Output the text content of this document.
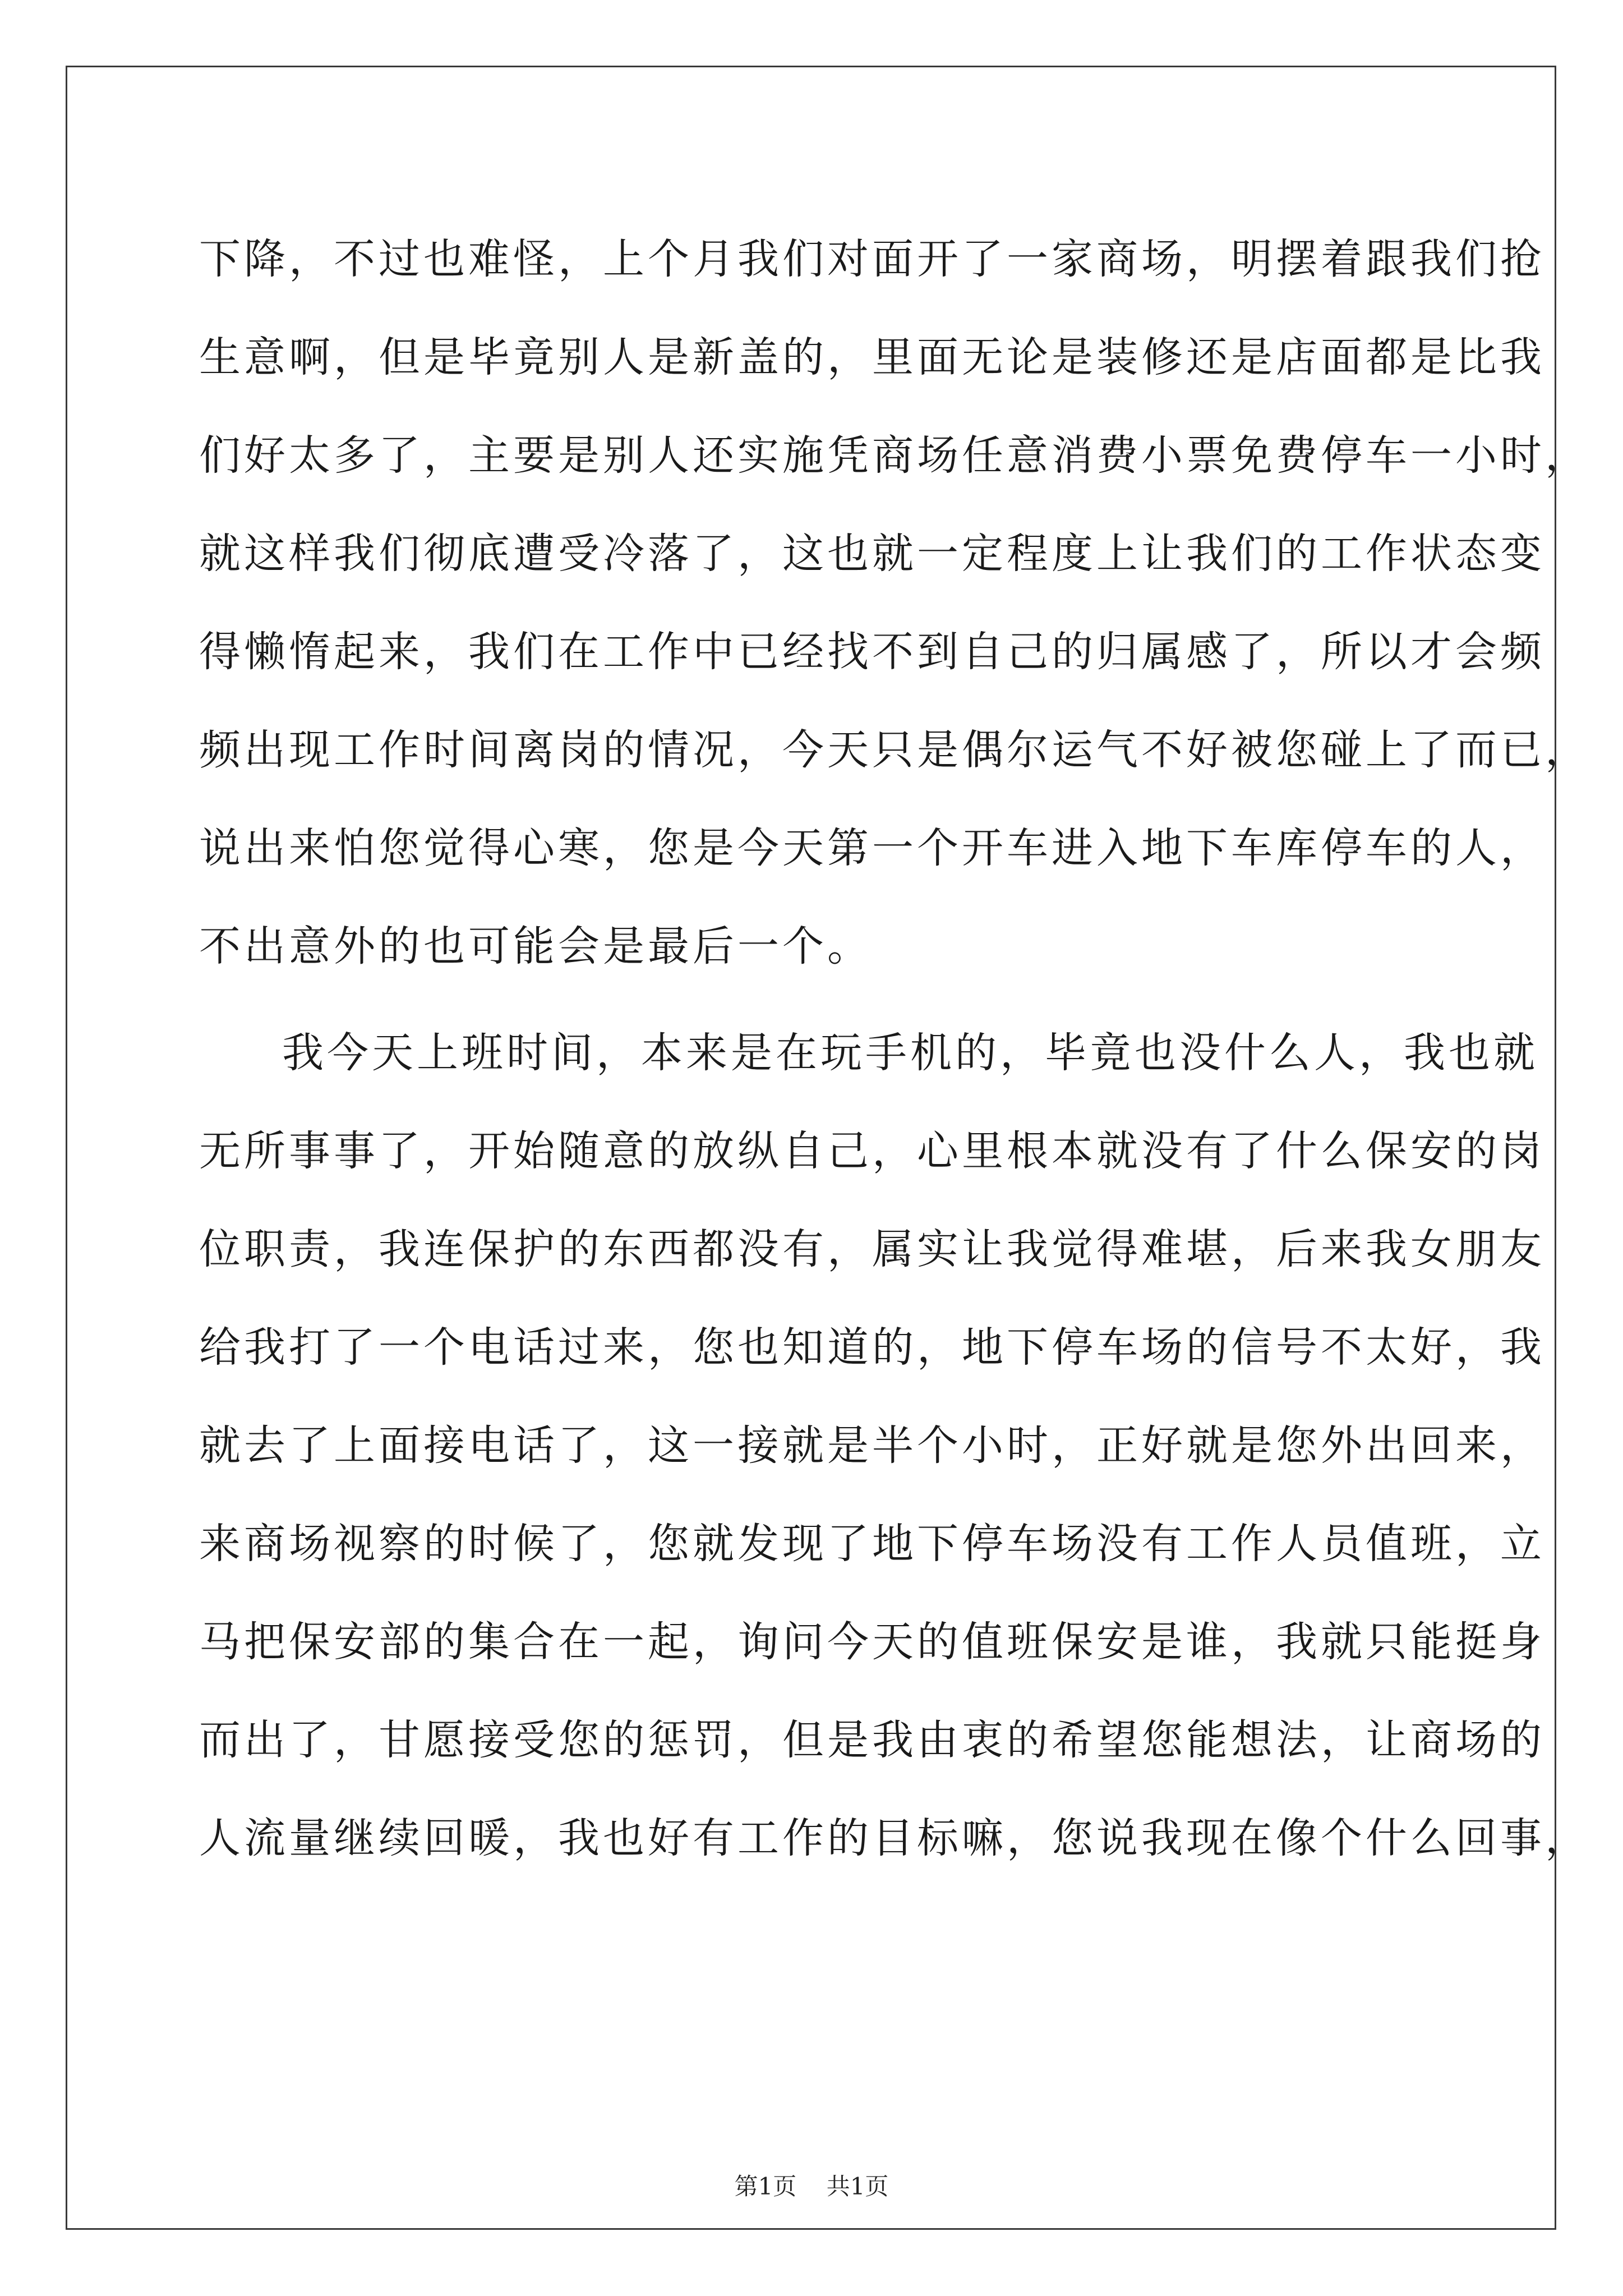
下降，不过也难怪，上个月我们对面开了一家商场，明摆着跟我们抢
生意啊，但是毕竟别人是新盖的，里面无论是装修还是店面都是比我
们好太多了，主要是别人还实施凭商场任意消费小票免费停车一小时，
就这样我们彻底遭受冷落了，这也就一定程度上让我们的工作状态变
得懒惰起来，我们在工作中已经找不到自己的归属感了，所以才会频
频出现工作时间离岗的情况，今天只是偶尔运气不好被您碰上了而已，
说出来怕您觉得心寒，您是今天第一个开车进入地下车库停车的人，
不出意外的也可能会是最后一个。
我今天上班时间，本来是在玩手机的，毕竟也没什么人，我也就
无所事事了，开始随意的放纵自己，心里根本就没有了什么保安的岗
位职责，我连保护的东西都没有，属实让我觉得难堪，后来我女朋友
给我打了一个电话过来，您也知道的，地下停车场的信号不太好，我
就去了上面接电话了，这一接就是半个小时，正好就是您外出回来，
来商场视察的时候了，您就发现了地下停车场没有工作人员值班，立
马把保安部的集合在一起，询问今天的值班保安是谁，我就只能挺身
而出了，甘愿接受您的惩罚，但是我由衷的希望您能想法，让商场的
人流量继续回暖，我也好有工作的目标嘛，您说我现在像个什么回事，
第1页 共1页
